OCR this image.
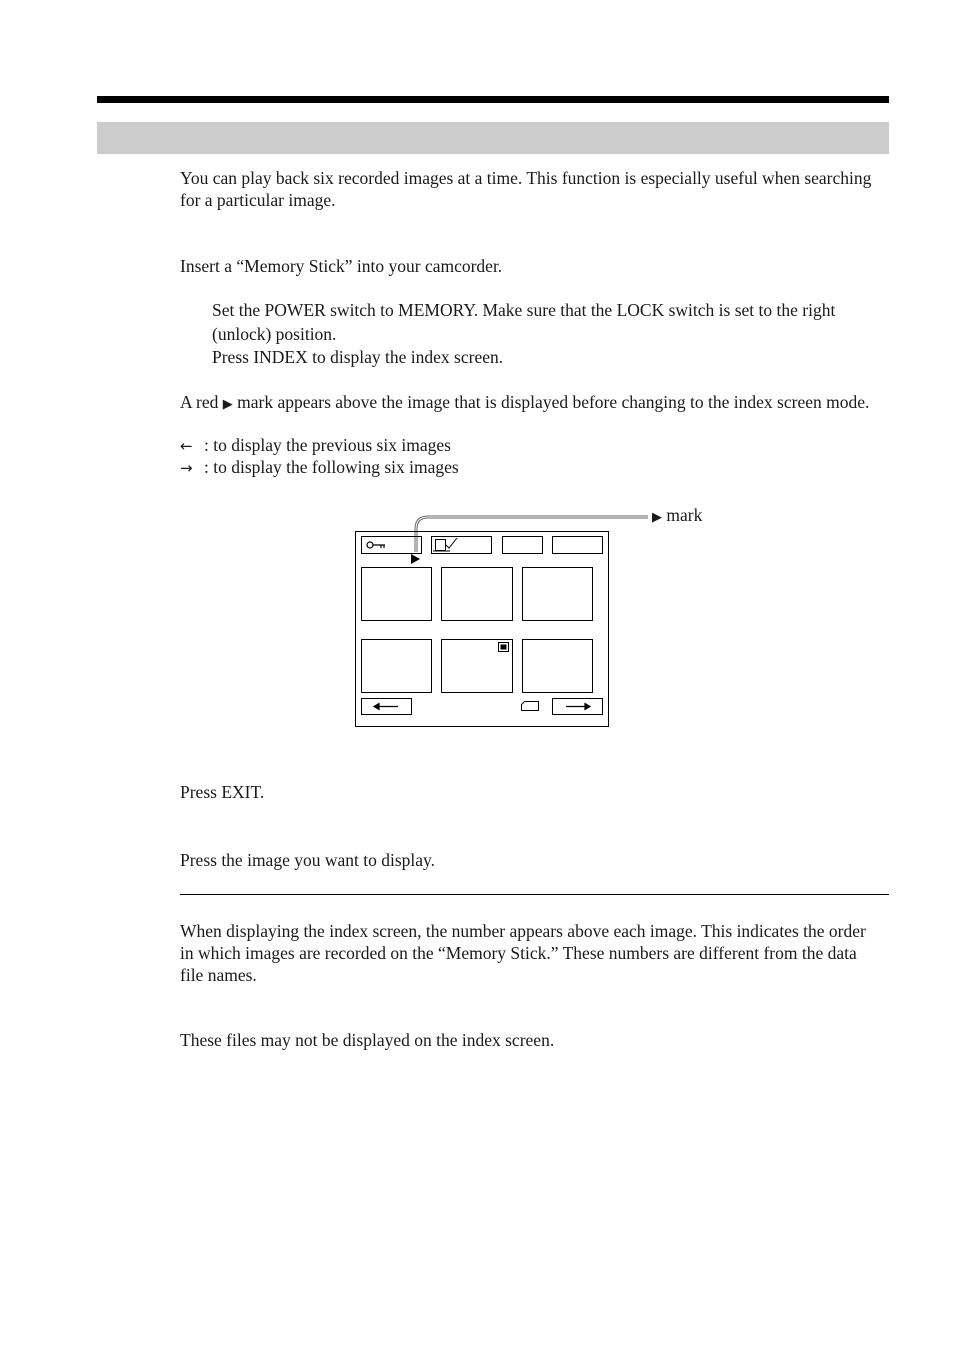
You can play back six recorded images at a time. This function is especially useful when searching for a particular image.
Insert a “Memory Stick” into your camcorder.
Set the POWER switch to MEMORY. Make sure that the LOCK switch is set to the right (unlock) position.
Press INDEX to display the index screen.
A red ▶ mark appears above the image that is displayed before changing to the index screen mode.
← : to display the previous six images
→ : to display the following six images
▶ mark
Press EXIT.
Press the image you want to display.
When displaying the index screen, the number appears above each image. This indicates the order in which images are recorded on the “Memory Stick.” These numbers are different from the data file names.
These files may not be displayed on the index screen.
